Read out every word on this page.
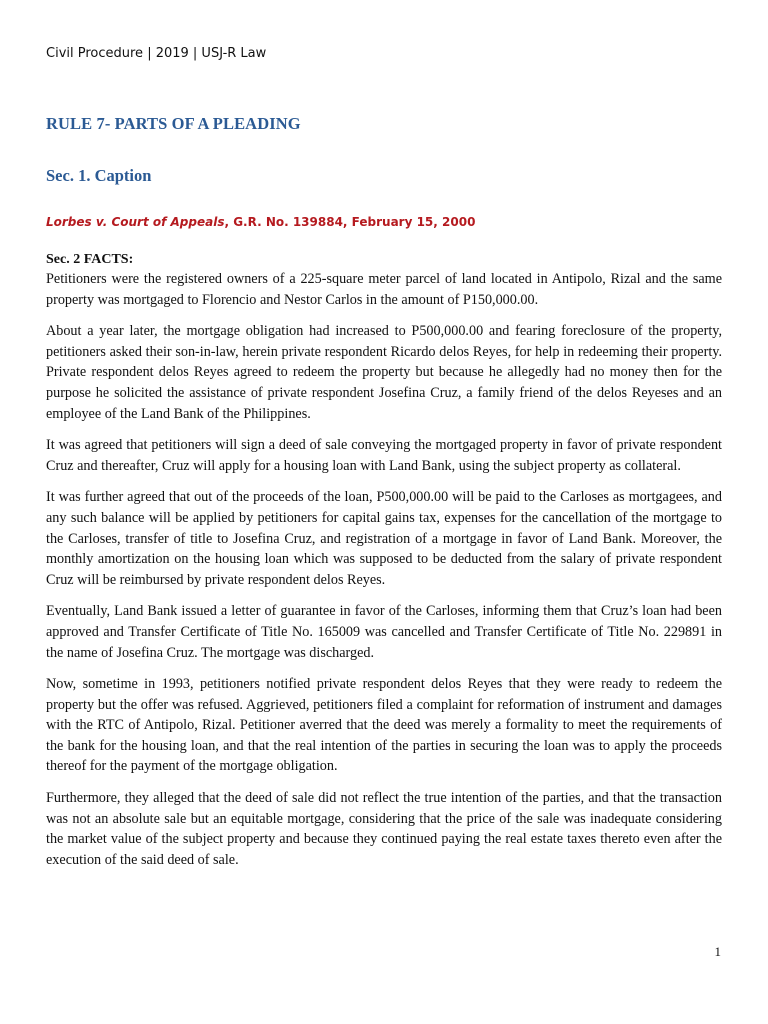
Civil Procedure | 2019 | USJ-R Law
RULE 7- PARTS OF A PLEADING
Sec. 1. Caption
Lorbes v. Court of Appeals, G.R. No. 139884, February 15, 2000
Sec. 2 FACTS:

Petitioners were the registered owners of a 225-square meter parcel of land located in Antipolo, Rizal and the same property was mortgaged to Florencio and Nestor Carlos in the amount of P150,000.00.

About a year later, the mortgage obligation had increased to P500,000.00 and fearing foreclosure of the property, petitioners asked their son-in-law, herein private respondent Ricardo delos Reyes, for help in redeeming their property. Private respondent delos Reyes agreed to redeem the property but because he allegedly had no money then for the purpose he solicited the assistance of private respondent Josefina Cruz, a family friend of the delos Reyeses and an employee of the Land Bank of the Philippines.

It was agreed that petitioners will sign a deed of sale conveying the mortgaged property in favor of private respondent Cruz and thereafter, Cruz will apply for a housing loan with Land Bank, using the subject property as collateral.

It was further agreed that out of the proceeds of the loan, P500,000.00 will be paid to the Carloses as mortgagees, and any such balance will be applied by petitioners for capital gains tax, expenses for the cancellation of the mortgage to the Carloses, transfer of title to Josefina Cruz, and registration of a mortgage in favor of Land Bank. Moreover, the monthly amortization on the housing loan which was supposed to be deducted from the salary of private respondent Cruz will be reimbursed by private respondent delos Reyes.

Eventually, Land Bank issued a letter of guarantee in favor of the Carloses, informing them that Cruz’s loan had been approved and Transfer Certificate of Title No. 165009 was cancelled and Transfer Certificate of Title No. 229891 in the name of Josefina Cruz. The mortgage was discharged.

Now, sometime in 1993, petitioners notified private respondent delos Reyes that they were ready to redeem the property but the offer was refused. Aggrieved, petitioners filed a complaint for reformation of instrument and damages with the RTC of Antipolo, Rizal. Petitioner averred that the deed was merely a formality to meet the requirements of the bank for the housing loan, and that the real intention of the parties in securing the loan was to apply the proceeds thereof for the payment of the mortgage obligation.

Furthermore, they alleged that the deed of sale did not reflect the true intention of the parties, and that the transaction was not an absolute sale but an equitable mortgage, considering that the price of the sale was inadequate considering the market value of the subject property and because they continued paying the real estate taxes thereto even after the execution of the said deed of sale.

1
